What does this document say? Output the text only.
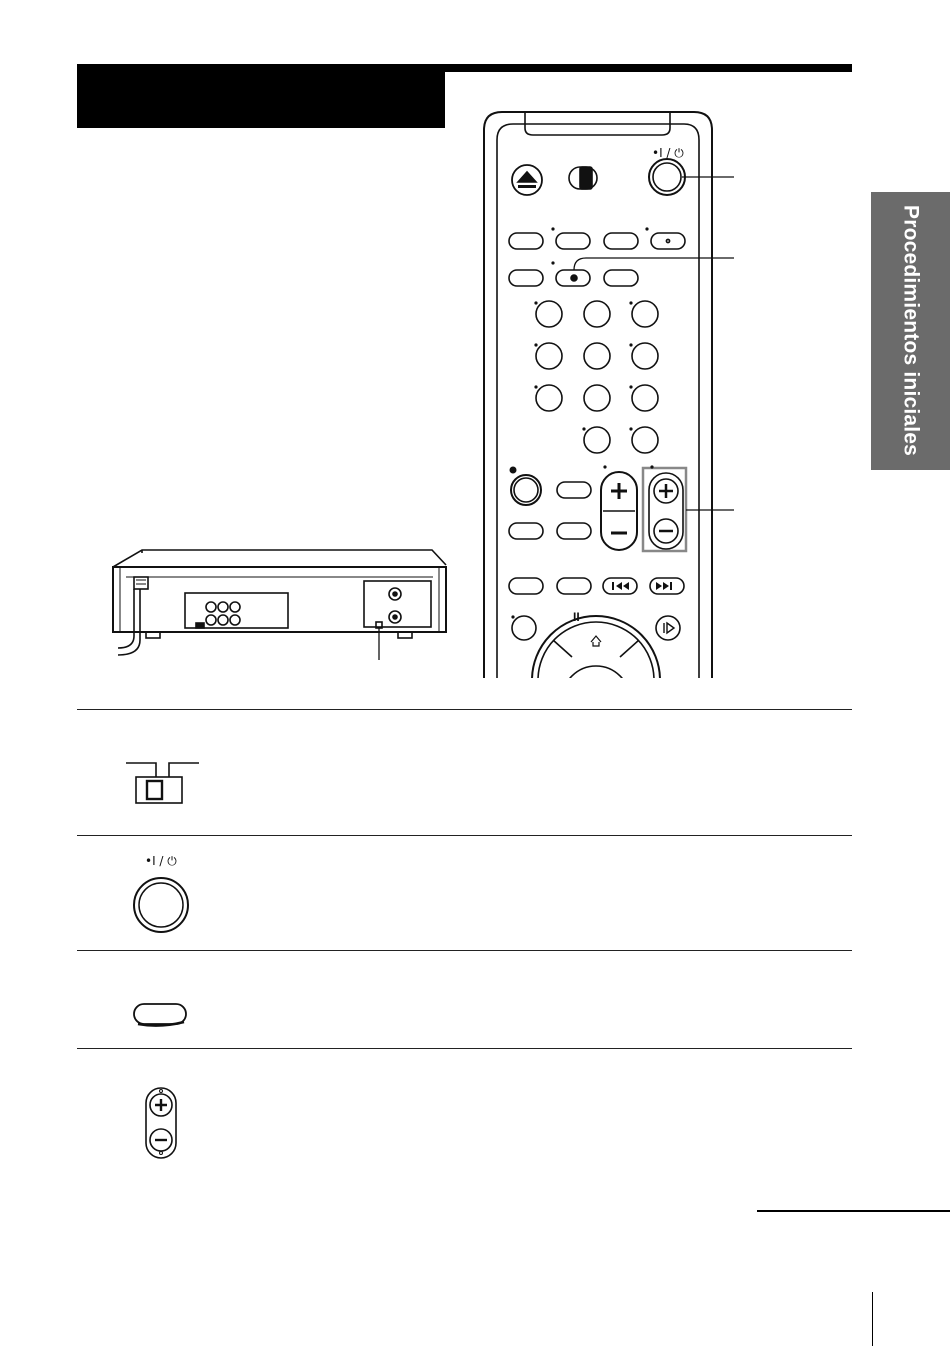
Procedimientos iniciales
•I / ⏻
II
•I / ⏻
